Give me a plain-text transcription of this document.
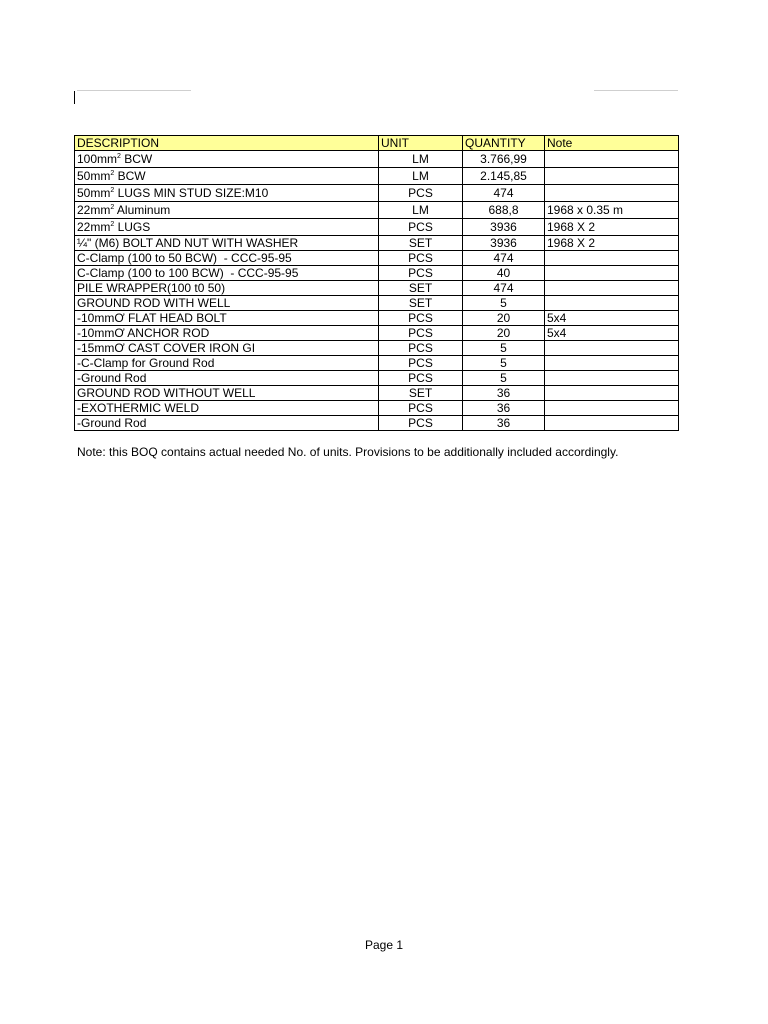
DESCRIPTION	UNIT	QUANTITY	Note
$100mm^2$ BCW	LM	3.766,99	
$50mm^2$ BCW	LM	2.145,85	
$50mm^2$ LUGS MIN STUD SIZE:M10	PCS	474	
$22mm^2$ Aluminum	LM	688,8	1968 x 0.35 m
$22mm^2$ LUGS	PCS	3936	1968 X 2
¼" (M6) BOLT AND NUT WITH WASHER	SET	3936	1968 X 2
C-Clamp (100 to 50 BCW)  - CCC-95-95	PCS	474	
C-Clamp (100 to 100 BCW)  - CCC-95-95	PCS	40	
PILE WRAPPER(100 t0 50)	SET	474	
GROUND ROD WITH WELL	SET	5	
-10mmƠ FLAT HEAD BOLT	PCS	20	5x4
-10mmƠ ANCHOR ROD	PCS	20	5x4
-15mmƠ CAST COVER IRON GI	PCS	5	
-C-Clamp for Ground Rod	PCS	5	
-Ground Rod	PCS	5	
GROUND ROD WITHOUT WELL	SET	36	
-EXOTHERMIC WELD	PCS	36	
-Ground Rod	PCS	36	
Note: this BOQ contains actual needed No. of units. Provisions to be additionally included accordingly.
Page 1
